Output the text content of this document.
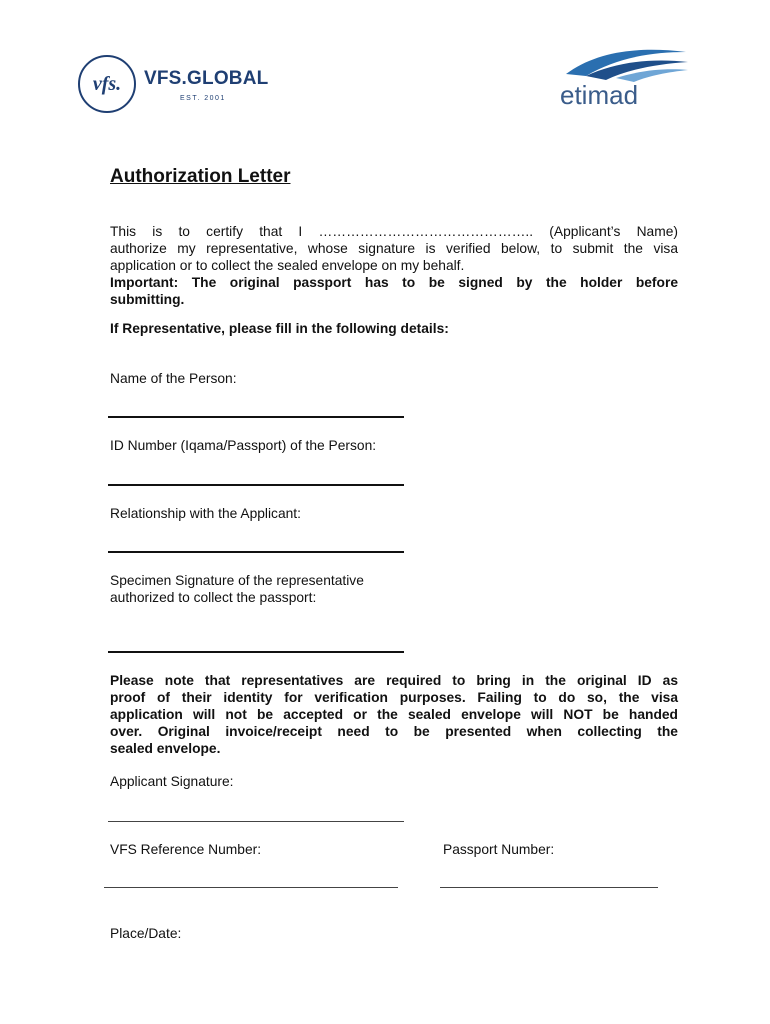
vfs.	VFS.GLOBAL
EST. 2001	etimad
Authorization Letter
This is to certify that I ……………………………………….. (Applicant’s Name)
authorize my representative, whose signature is verified below, to submit the visa
application or to collect the sealed envelope on my behalf.
Important: The original passport has to be signed by the holder before
submitting.
If Representative, please fill in the following details:
Name of the Person:
ID Number (Iqama/Passport) of the Person:
Relationship with the Applicant:
Specimen Signature of the representative
authorized to collect the passport:
Please note that representatives are required to bring in the original ID as
proof of their identity for verification purposes. Failing to do so, the visa
application will not be accepted or the sealed envelope will NOT be handed
over. Original invoice/receipt need to be presented when collecting the
sealed envelope.
Applicant Signature:
VFS Reference Number:	Passport Number:
Place/Date:
